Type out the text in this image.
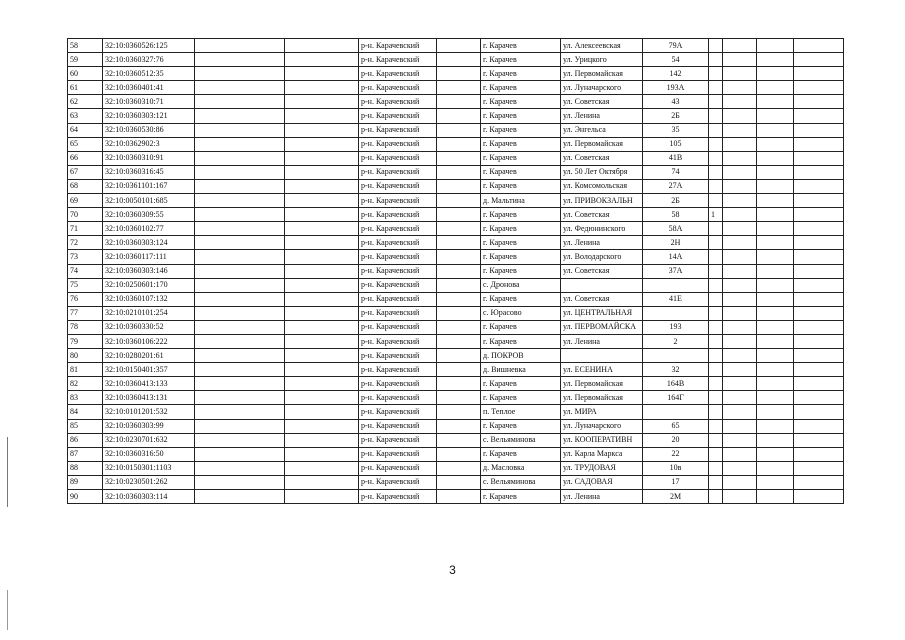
58	32:10:0360526:125			р-н. Карачевский		г. Карачев	ул. Алексеевская	79А				
59	32:10:0360327:76			р-н. Карачевский		г. Карачев	ул. Урицкого	54				
60	32:10:0360512:35			р-н. Карачевский		г. Карачев	ул. Первомайская	142				
61	32:10:0360401:41			р-н. Карачевский		г. Карачев	ул. Луначарского	193А				
62	32:10:0360310:71			р-н. Карачевский		г. Карачев	ул. Советская	43				
63	32:10:0360303:121			р-н. Карачевский		г. Карачев	ул. Ленина	2Б				
64	32:10:0360530:86			р-н. Карачевский		г. Карачев	ул. Энгельса	35				
65	32:10:0362902:3			р-н. Карачевский		г. Карачев	ул. Первомайская	105				
66	32:10:0360310:91			р-н. Карачевский		г. Карачев	ул. Советская	41В				
67	32:10:0360316:45			р-н. Карачевский		г. Карачев	ул. 50 Лет Октября	74				
68	32:10:0361101:167			р-н. Карачевский		г. Карачев	ул. Комсомольская	27А				
69	32:10:0050101:685			р-н. Карачевский		д. Мальтина	ул. ПРИВОКЗАЛЬН	2Б				
70	32:10:0360309:55			р-н. Карачевский		г. Карачев	ул. Советская	58	1			
71	32:10:0360102:77			р-н. Карачевский		г. Карачев	ул. Федюнинского	58А				
72	32:10:0360303:124			р-н. Карачевский		г. Карачев	ул. Ленина	2Н				
73	32:10:0360117:111			р-н. Карачевский		г. Карачев	ул. Володарского	14А				
74	32:10:0360303:146			р-н. Карачевский		г. Карачев	ул. Советская	37А				
75	32:10:0250601:170			р-н. Карачевский		с. Дронова						
76	32:10:0360107:132			р-н. Карачевский		г. Карачев	ул. Советская	41Е				
77	32:10:0210101:254			р-н. Карачевский		с. Юрасово	ул. ЦЕНТРАЛЬНАЯ					
78	32:10:0360330:52			р-н. Карачевский		г. Карачев	ул. ПЕРВОМАЙСКА	193				
79	32:10:0360106:222			р-н. Карачевский		г. Карачев	ул. Ленина	2				
80	32:10:0280201:61			р-н. Карачевский		д. ПОКРОВ						
81	32:10:0150401:357			р-н. Карачевский		д. Вишневка	ул. ЕСЕНИНА	32				
82	32:10:0360413:133			р-н. Карачевский		г. Карачев	ул. Первомайская	164В				
83	32:10:0360413:131			р-н. Карачевский		г. Карачев	ул. Первомайская	164Г				
84	32:10:0101201:532			р-н. Карачевский		п. Теплое	ул. МИРА					
85	32:10:0360303:99			р-н. Карачевский		г. Карачев	ул. Луначарского	65				
86	32:10:0230701:632			р-н. Карачевский		с. Вельяминова	ул. КООПЕРАТИВН	20				
87	32:10:0360316:50			р-н. Карачевский		г. Карачев	ул. Карла Маркса	22				
88	32:10:0150301:1103			р-н. Карачевский		д. Масловка	ул. ТРУДОВАЯ	10в				
89	32:10:0230501:262			р-н. Карачевский		с. Вельяминова	ул. САДОВАЯ	17				
90	32:10:0360303:114			р-н. Карачевский		г. Карачев	ул. Ленина	2М				
3
